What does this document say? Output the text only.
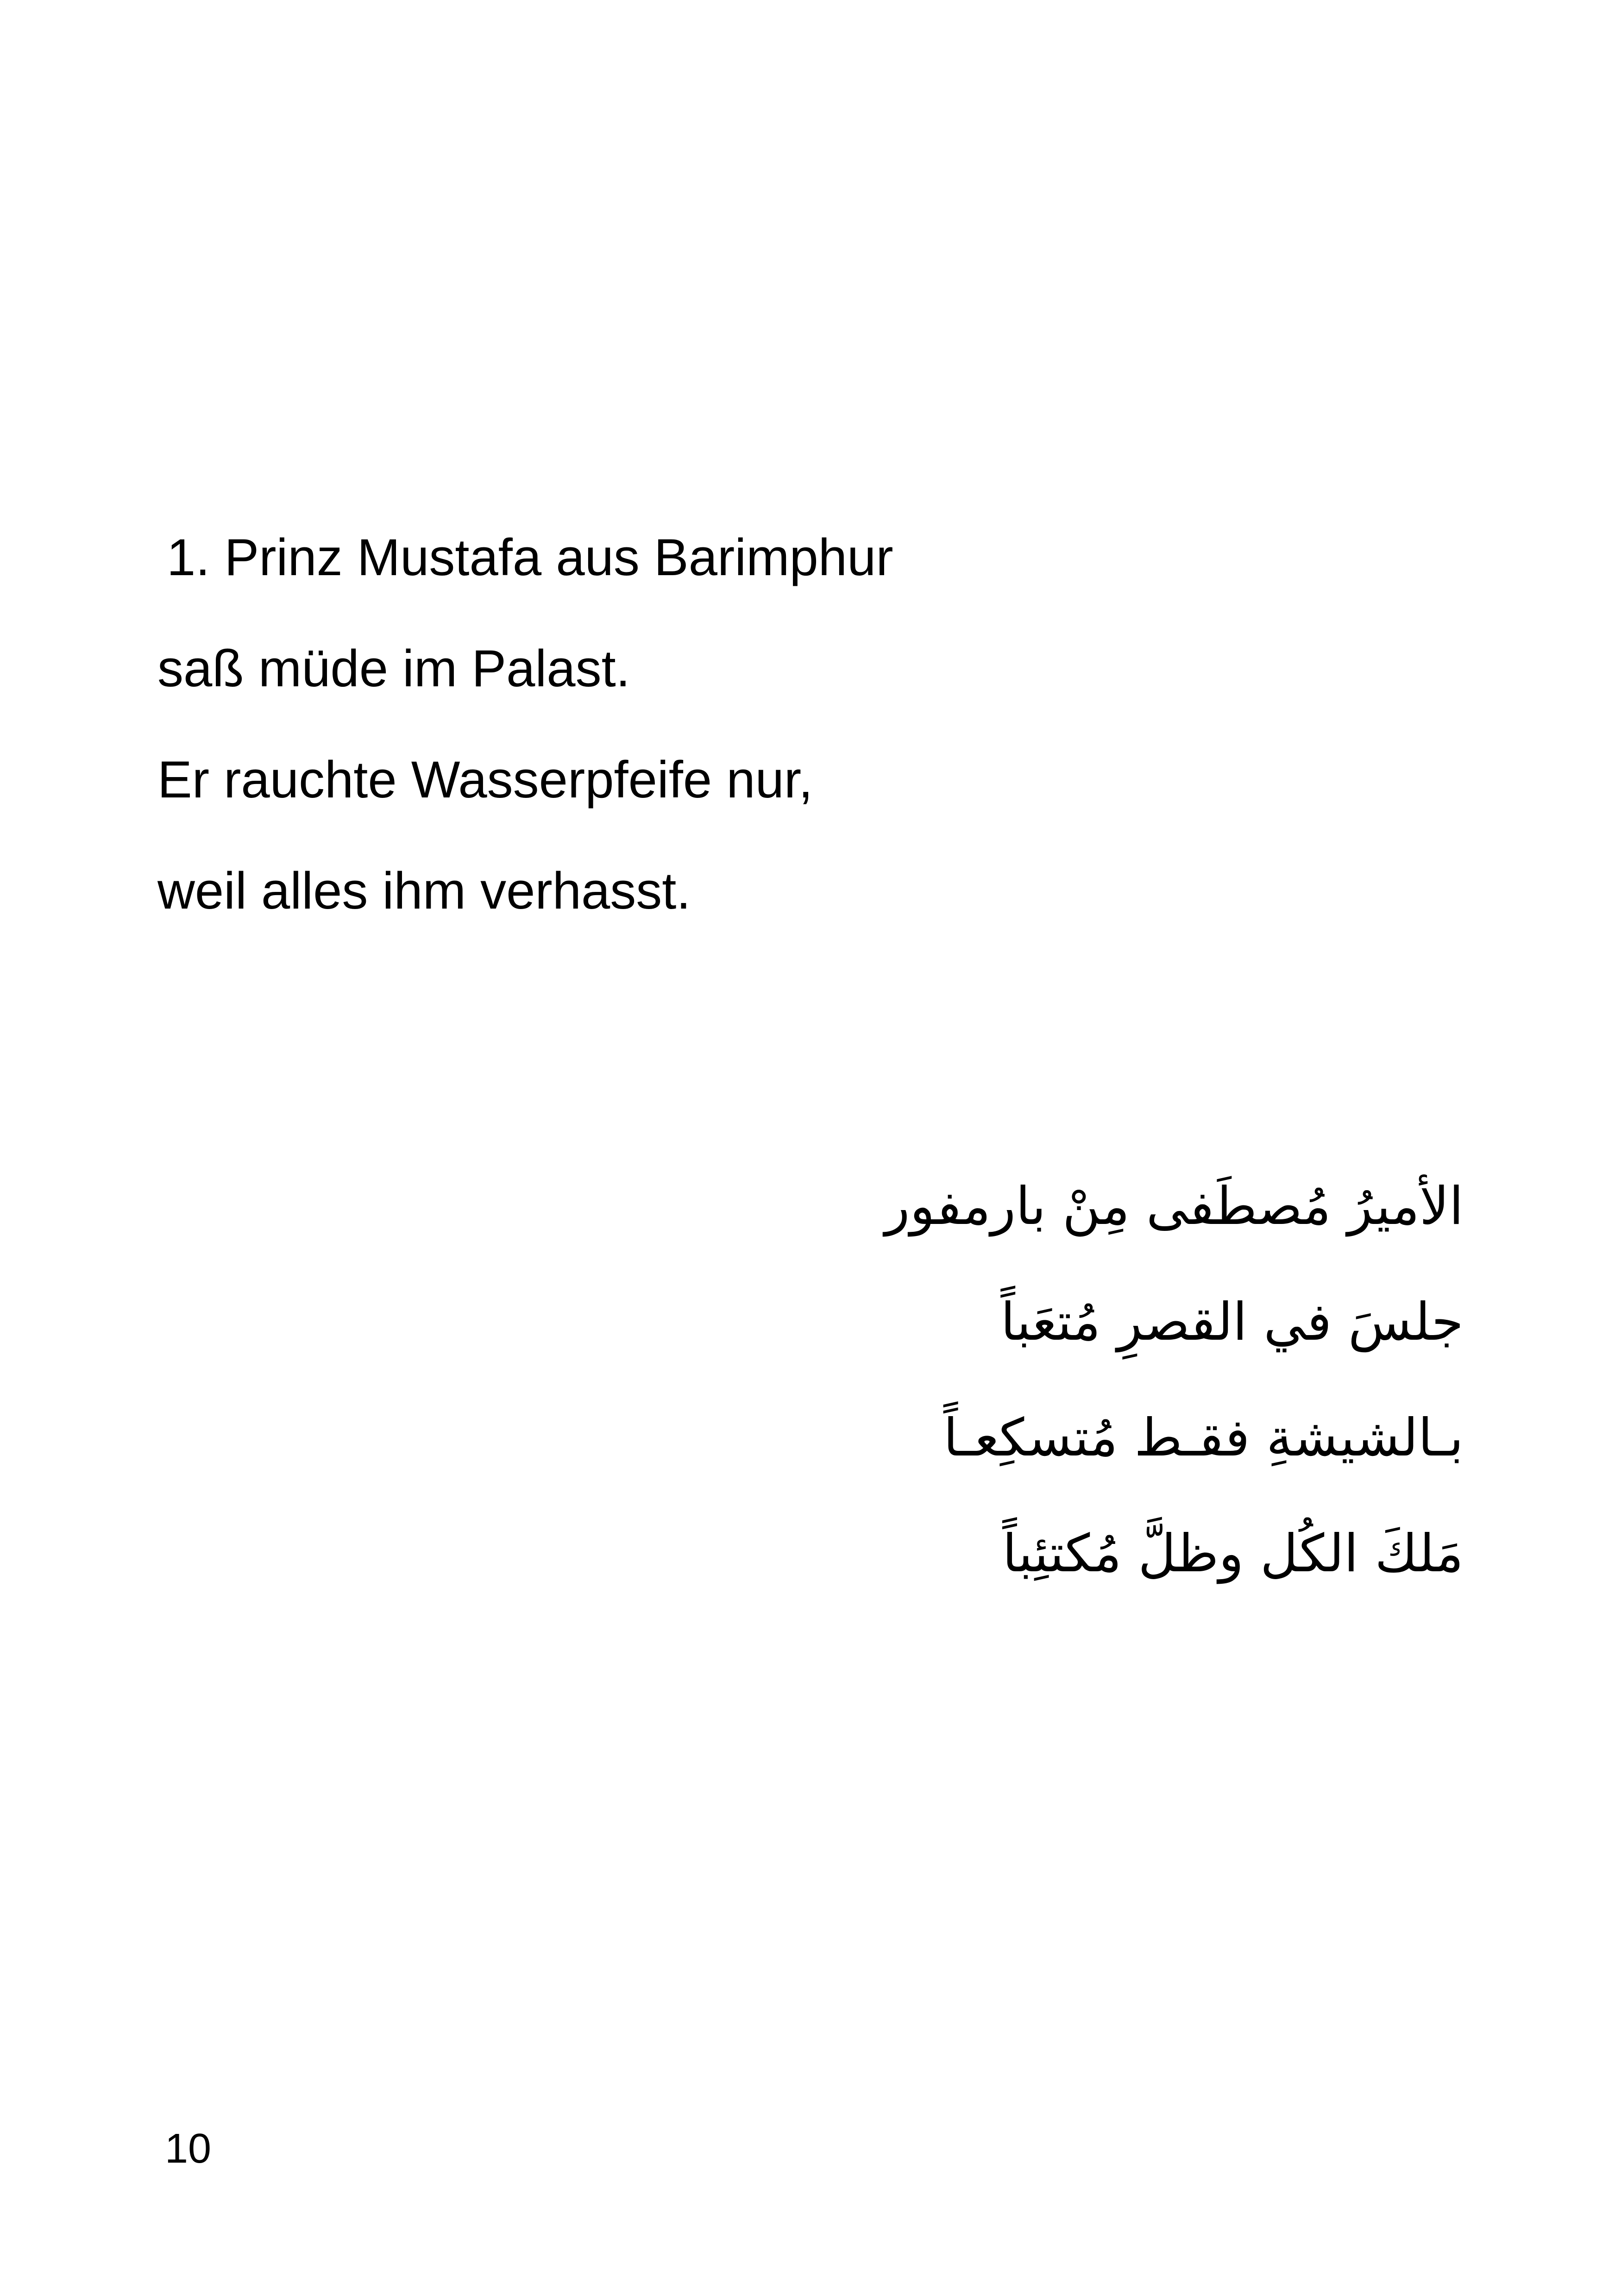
1. Prinz Mustafa aus Barimphur
saß müde im Palast.
Er rauchte Wasserpfeife nur,
weil alles ihm verhasst.
الأميرُ مُصطَفى مِنْ بارمفور
جلسَ في القصرِ مُتعَباً
بـالشيشةِ فقـط مُتسكِعـاً
مَلكَ الكُل وظلَّ مُكتئِباً
10
